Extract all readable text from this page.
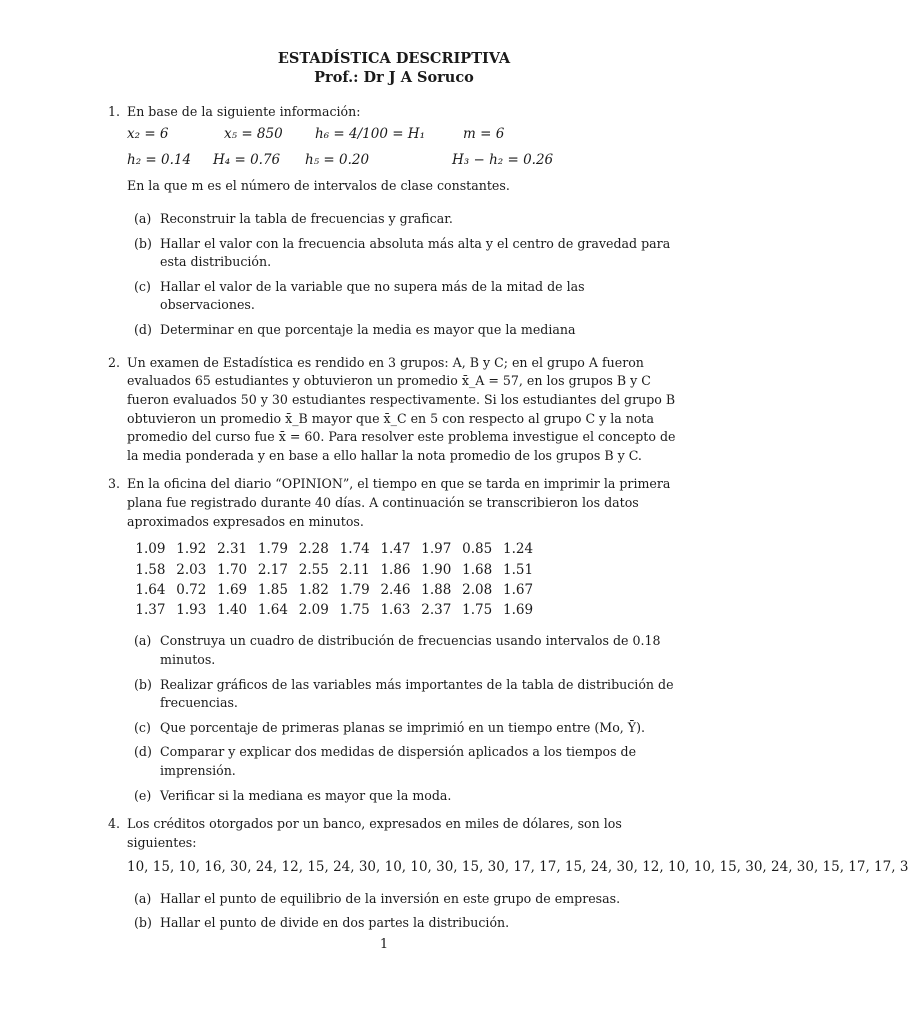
ESTADÍSTICA DESCRIPTIVA
Prof.: Dr J A Soruco
1. En base de la siguiente información:
x₂ = 6	x₅ = 850 h₆ = 4/100 = H₁	m = 6
h₂ = 0.14 H₄ = 0.76 h₅ = 0.20	H₃ − h₂ = 0.26
En la que m es el número de intervalos de clase constantes.
(a) Reconstruir la tabla de frecuencias y graficar.
(b) Hallar el valor con la frecuencia absoluta más alta y el centro de gravedad para esta distribución.
(c) Hallar el valor de la variable que no supera más de la mitad de las observaciones.
(d) Determinar en que porcentaje la media es mayor que la mediana
2. Un examen de Estadística es rendido en 3 grupos: A, B y C; en el grupo A fueron evaluados 65 estudiantes y obtuvieron un promedio x̄_A = 57, en los grupos B y C fueron evaluados 50 y 30 estudiantes respectivamente. Si los estudiantes del grupo B obtuvieron un promedio x̄_B mayor que x̄_C en 5 con respecto al grupo C y la nota promedio del curso fue x̄ = 60. Para resolver este problema investigue el concepto de la media ponderada y en base a ello hallar la nota promedio de los grupos B y C.
3. En la oficina del diario “OPINION”, el tiempo en que se tarda en imprimir la primera plana fue registrado durante 40 días. A continuación se transcribieron los datos aproximados expresados en minutos.
1.09	1.92	2.31	1.79	2.28	1.74	1.47	1.97	0.85	1.24
1.58	2.03	1.70	2.17	2.55	2.11	1.86	1.90	1.68	1.51
1.64	0.72	1.69	1.85	1.82	1.79	2.46	1.88	2.08	1.67
1.37	1.93	1.40	1.64	2.09	1.75	1.63	2.37	1.75	1.69
(a) Construya un cuadro de distribución de frecuencias usando intervalos de 0.18 minutos.
(b) Realizar gráficos de las variables más importantes de la tabla de distribución de frecuencias.
(c) Que porcentaje de primeras planas se imprimió en un tiempo entre (Mo, Ȳ).
(d) Comparar y explicar dos medidas de dispersión aplicados a los tiempos de imprensión.
(e) Verificar si la mediana es mayor que la moda.
4. Los créditos otorgados por un banco, expresados en miles de dólares, son los siguientes:
10, 15, 10, 16, 30, 24, 12, 15, 24, 30, 10, 10, 30, 15, 30, 17, 17, 15, 24, 30, 12, 10, 10, 15, 30, 24, 30, 15, 17, 17, 3
(a) Hallar el punto de equilibrio de la inversión en este grupo de empresas.
(b) Hallar el punto de divide en dos partes la distribución.
1
